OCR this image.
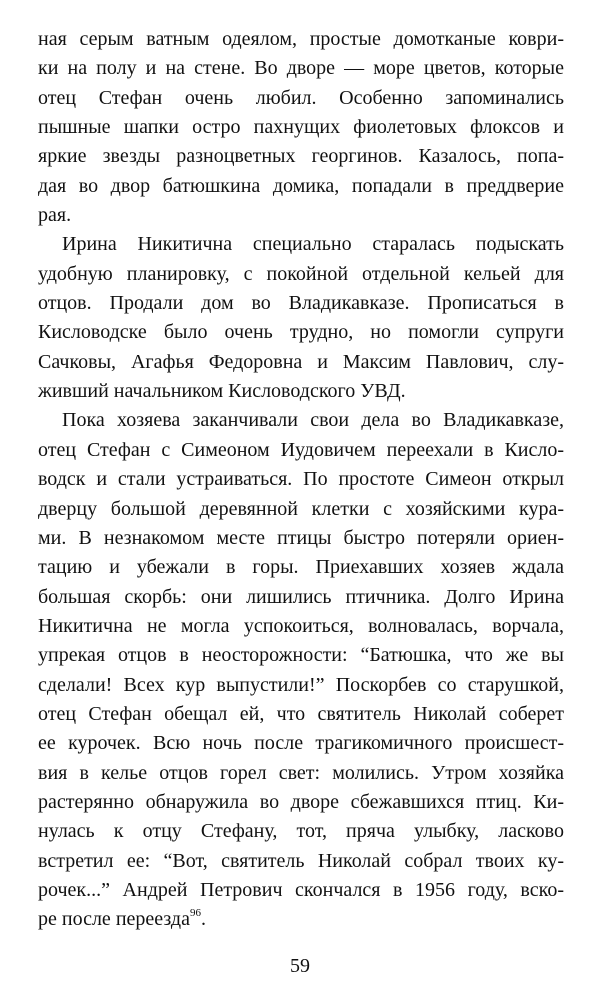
ная серым ватным одеялом, простые домотканые коври-
ки на полу и на стене. Во дворе — море цветов, которые
отец Стефан очень любил. Особенно запоминались
пышные шапки остро пахнущих фиолетовых флоксов и
яркие звезды разноцветных георгинов. Казалось, попа-
дая во двор батюшкина домика, попадали в преддверие
рая.
Ирина Никитична специально старалась подыскать
удобную планировку, с покойной отдельной кельей для
отцов. Продали дом во Владикавказе. Прописаться в
Кисловодске было очень трудно, но помогли супруги
Сачковы, Агафья Федоровна и Максим Павлович, слу-
живший начальником Кисловодского УВД.
Пока хозяева заканчивали свои дела во Владикавказе,
отец Стефан с Симеоном Иудовичем переехали в Кисло-
водск и стали устраиваться. По простоте Симеон открыл
дверцу большой деревянной клетки с хозяйскими кура-
ми. В незнакомом месте птицы быстро потеряли ориен-
тацию и убежали в горы. Приехавших хозяев ждала
большая скорбь: они лишились птичника. Долго Ирина
Никитична не могла успокоиться, волновалась, ворчала,
упрекая отцов в неосторожности: “Батюшка, что же вы
сделали! Всех кур выпустили!” Поскорбев со старушкой,
отец Стефан обещал ей, что святитель Николай соберет
ее курочек. Всю ночь после трагикомичного происшест-
вия в келье отцов горел свет: молились. Утром хозяйка
растерянно обнаружила во дворе сбежавшихся птиц. Ки-
нулась к отцу Стефану, тот, пряча улыбку, ласково
встретил ее: “Вот, святитель Николай собрал твоих ку-
рочек...” Андрей Петрович скончался в 1956 году, вско-
ре после переезда$^{96}$.
59
